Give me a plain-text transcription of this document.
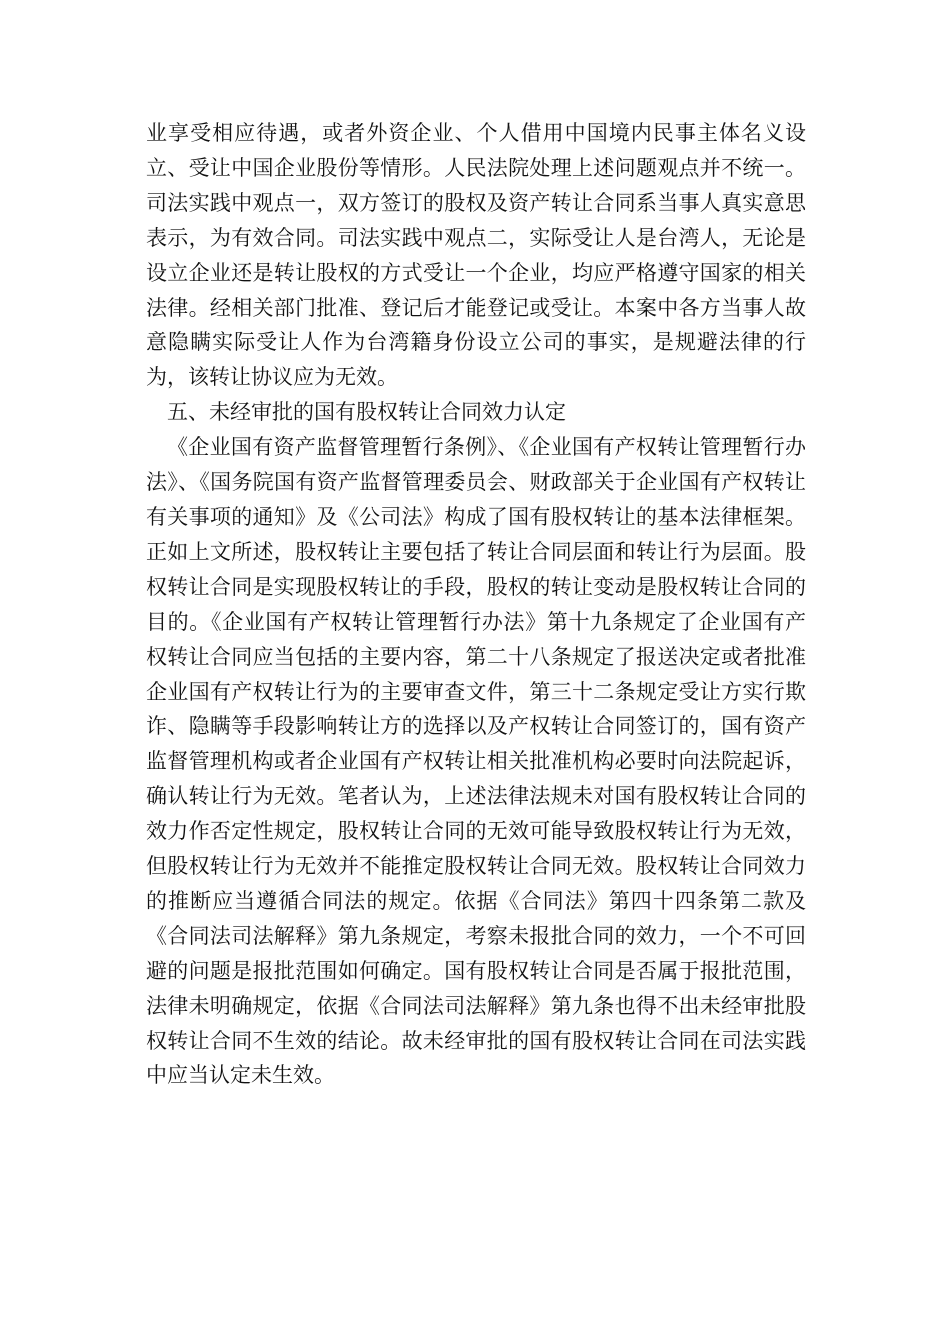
业享受相应待遇，或者外资企业、个人借用中国境内民事主体名义设立、受让中国企业股份等情形。人民法院处理上述问题观点并不统一。司法实践中观点一，双方签订的股权及资产转让合同系当事人真实意思表示，为有效合同。司法实践中观点二，实际受让人是台湾人，无论是设立企业还是转让股权的方式受让一个企业，均应严格遵守国家的相关法律。经相关部门批准、登记后才能登记或受让。本案中各方当事人故意隐瞒实际受让人作为台湾籍身份设立公司的事实，是规避法律的行为，该转让协议应为无效。

五、未经审批的国有股权转让合同效力认定

《企业国有资产监督管理暂行条例》、《企业国有产权转让管理暂行办法》、《国务院国有资产监督管理委员会、财政部关于企业国有产权转让有关事项的通知》及《公司法》构成了国有股权转让的基本法律框架。正如上文所述，股权转让主要包括了转让合同层面和转让行为层面。股权转让合同是实现股权转让的手段，股权的转让变动是股权转让合同的目的。《企业国有产权转让管理暂行办法》第十九条规定了企业国有产权转让合同应当包括的主要内容，第二十八条规定了报送决定或者批准企业国有产权转让行为的主要审查文件，第三十二条规定受让方实行欺诈、隐瞒等手段影响转让方的选择以及产权转让合同签订的，国有资产监督管理机构或者企业国有产权转让相关批准机构必要时向法院起诉，确认转让行为无效。笔者认为，上述法律法规未对国有股权转让合同的效力作否定性规定，股权转让合同的无效可能导致股权转让行为无效，但股权转让行为无效并不能推定股权转让合同无效。股权转让合同效力的推断应当遵循合同法的规定。依据《合同法》第四十四条第二款及《合同法司法解释》第九条规定，考察未报批合同的效力，一个不可回避的问题是报批范围如何确定。国有股权转让合同是否属于报批范围，法律未明确规定，依据《合同法司法解释》第九条也得不出未经审批股权转让合同不生效的结论。故未经审批的国有股权转让合同在司法实践中应当认定未生效。
